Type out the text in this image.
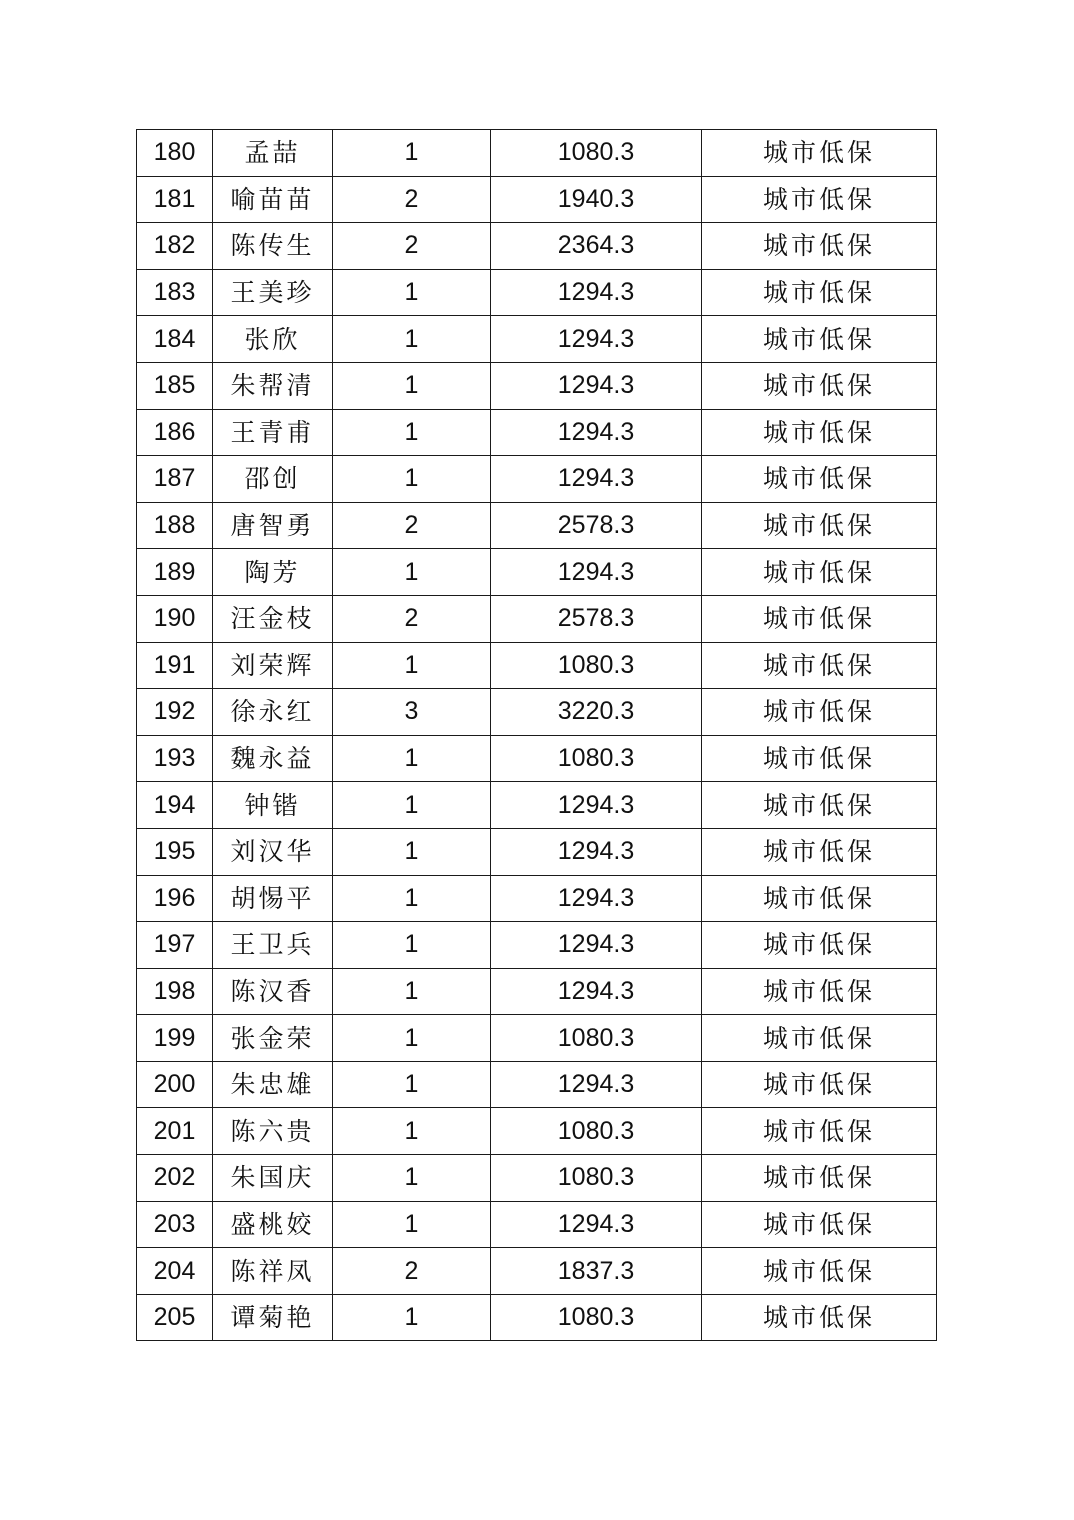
180	孟喆	1	1080.3	城市低保
181	喻苗苗	2	1940.3	城市低保
182	陈传生	2	2364.3	城市低保
183	王美珍	1	1294.3	城市低保
184	张欣	1	1294.3	城市低保
185	朱帮清	1	1294.3	城市低保
186	王青甫	1	1294.3	城市低保
187	邵创	1	1294.3	城市低保
188	唐智勇	2	2578.3	城市低保
189	陶芳	1	1294.3	城市低保
190	汪金枝	2	2578.3	城市低保
191	刘荣辉	1	1080.3	城市低保
192	徐永红	3	3220.3	城市低保
193	魏永益	1	1080.3	城市低保
194	钟锴	1	1294.3	城市低保
195	刘汉华	1	1294.3	城市低保
196	胡惕平	1	1294.3	城市低保
197	王卫兵	1	1294.3	城市低保
198	陈汉香	1	1294.3	城市低保
199	张金荣	1	1080.3	城市低保
200	朱忠雄	1	1294.3	城市低保
201	陈六贵	1	1080.3	城市低保
202	朱国庆	1	1080.3	城市低保
203	盛桃姣	1	1294.3	城市低保
204	陈祥凤	2	1837.3	城市低保
205	谭菊艳	1	1080.3	城市低保
